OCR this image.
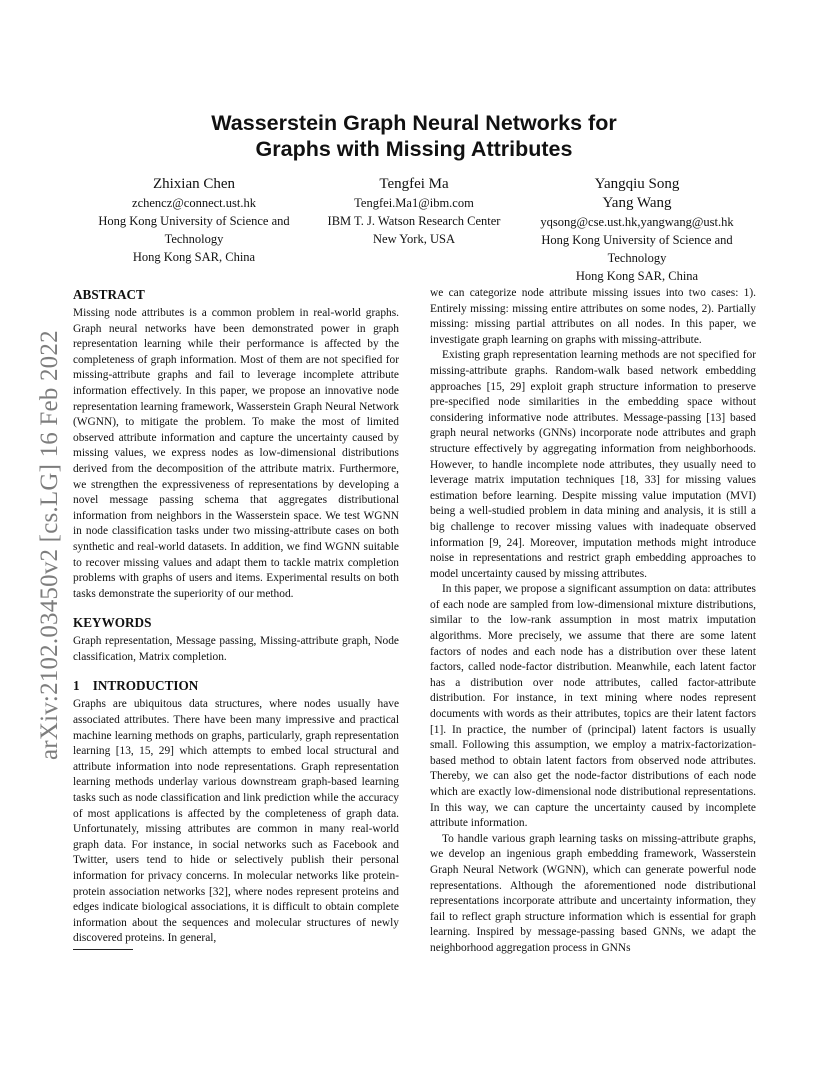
arXiv:2102.03450v2 [cs.LG] 16 Feb 2022
Wasserstein Graph Neural Networks for
Graphs with Missing Attributes
Zhixian Chen
zchencz@connect.ust.hk
Hong Kong University of Science and
Technology
Hong Kong SAR, China
Tengfei Ma
Tengfei.Ma1@ibm.com
IBM T. J. Watson Research Center
New York, USA
Yangqiu Song
Yang Wang
yqsong@cse.ust.hk,yangwang@ust.hk
Hong Kong University of Science and
Technology
Hong Kong SAR, China
ABSTRACT

Missing node attributes is a common problem in real-world graphs. Graph neural networks have been demonstrated power in graph representation learning while their performance is affected by the completeness of graph information. Most of them are not specified for missing-attribute graphs and fail to leverage incomplete attribute information effectively. In this paper, we propose an innovative node representation learning framework, Wasserstein Graph Neural Network (WGNN), to mitigate the problem. To make the most of limited observed attribute information and capture the uncertainty caused by missing values, we express nodes as low-dimensional distributions derived from the decomposition of the attribute matrix. Furthermore, we strengthen the expressiveness of representations by developing a novel message passing schema that aggregates distributional information from neighbors in the Wasserstein space. We test WGNN in node classification tasks under two missing-attribute cases on both synthetic and real-world datasets. In addition, we find WGNN suitable to recover missing values and adapt them to tackle matrix completion problems with graphs of users and items. Experimental results on both tasks demonstrate the superiority of our method.

KEYWORDS

Graph representation, Message passing, Missing-attribute graph, Node classification, Matrix completion.

1    INTRODUCTION

Graphs are ubiquitous data structures, where nodes usually have associated attributes. There have been many impressive and practical machine learning methods on graphs, particularly, graph representation learning [13, 15, 29] which attempts to embed local structural and attribute information into node representations. Graph representation learning methods underlay various downstream graph-based learning tasks such as node classification and link prediction while the accuracy of most applications is affected by the completeness of graph data. Unfortunately, missing attributes are common in many real-world graph data. For instance, in social networks such as Facebook and Twitter, users tend to hide or selectively publish their personal information for privacy concerns. In molecular networks like protein-protein association networks [32], where nodes represent proteins and edges indicate biological associations, it is difficult to obtain complete information about the sequences and molecular structures of newly discovered proteins. In general,

we can categorize node attribute missing issues into two cases: 1). Entirely missing: missing entire attributes on some nodes, 2). Partially missing: missing partial attributes on all nodes. In this paper, we investigate graph learning on graphs with missing-attribute.

Existing graph representation learning methods are not specified for missing-attribute graphs. Random-walk based network embedding approaches [15, 29] exploit graph structure information to preserve pre-specified node similarities in the embedding space without considering informative node attributes. Message-passing [13] based graph neural networks (GNNs) incorporate node attributes and graph structure effectively by aggregating information from neighborhoods. However, to handle incomplete node attributes, they usually need to leverage matrix imputation techniques [18, 33] for missing values estimation before learning. Despite missing value imputation (MVI) being a well-studied problem in data mining and analysis, it is still a big challenge to recover missing values with inadequate observed information [9, 24]. Moreover, imputation methods might introduce noise in representations and restrict graph embedding approaches to model uncertainty caused by missing attributes.

In this paper, we propose a significant assumption on data: attributes of each node are sampled from low-dimensional mixture distributions, similar to the low-rank assumption in most matrix imputation algorithms. More precisely, we assume that there are some latent factors of nodes and each node has a distribution over these latent factors, called node-factor distribution. Meanwhile, each latent factor has a distribution over node attributes, called factor-attribute distribution. For instance, in text mining where nodes represent documents with words as their attributes, topics are their latent factors [1]. In practice, the number of (principal) latent factors is usually small. Following this assumption, we employ a matrix-factorization-based method to obtain latent factors from observed node attributes. Thereby, we can also get the node-factor distributions of each node which are exactly low-dimensional node distributional representations. In this way, we can capture the uncertainty caused by incomplete attribute information.

To handle various graph learning tasks on missing-attribute graphs, we develop an ingenious graph embedding framework, Wasserstein Graph Neural Network (WGNN), which can generate powerful node representations. Although the aforementioned node distributional representations incorporate attribute and uncertainty information, they fail to reflect graph structure information which is essential for graph learning. Inspired by message-passing based GNNs, we adapt the neighborhood aggregation process in GNNs
